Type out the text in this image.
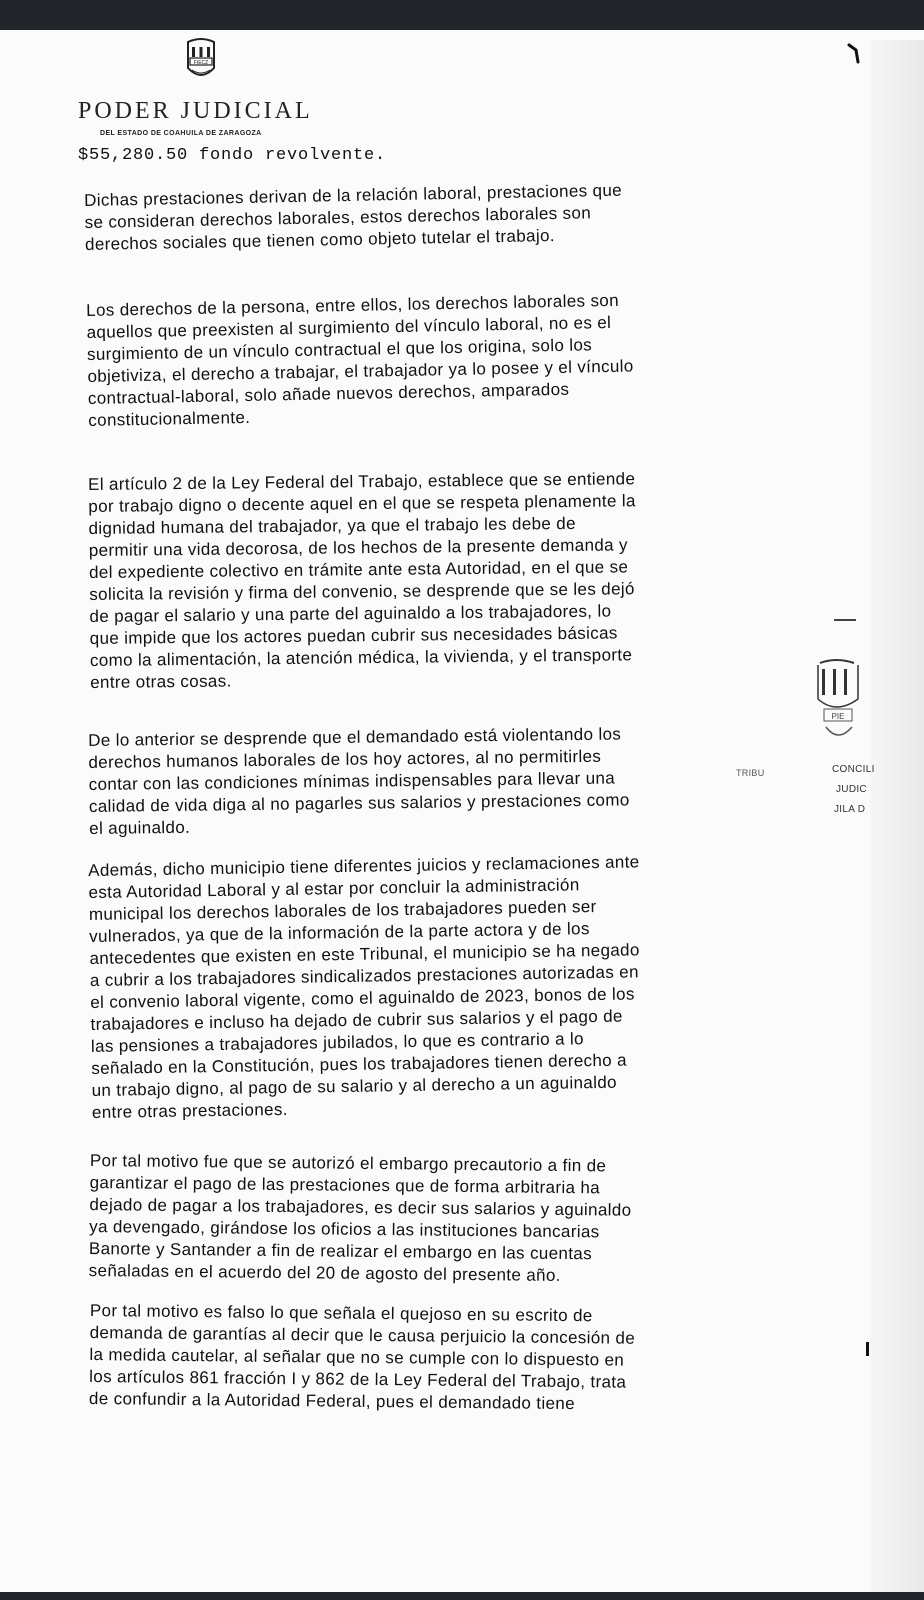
FIECZ
PODER JUDICIAL
DEL ESTADO DE COAHUILA DE ZARAGOZA
$55,280.50 fondo revolvente.
Dichas prestaciones derivan de la relación laboral, prestaciones que
se consideran derechos laborales, estos derechos laborales son
derechos sociales que tienen como objeto tutelar el trabajo.
Los derechos de la persona, entre ellos, los derechos laborales son
aquellos que preexisten al surgimiento del vínculo laboral, no es el
surgimiento de un vínculo contractual el que los origina, solo los
objetiviza, el derecho a trabajar, el trabajador ya lo posee y el vínculo
contractual-laboral, solo añade nuevos derechos, amparados
constitucionalmente.
El artículo 2 de la Ley Federal del Trabajo, establece que se entiende
por trabajo digno o decente aquel en el que se respeta plenamente la
dignidad humana del trabajador, ya que el trabajo les debe de
permitir una vida decorosa, de los hechos de la presente demanda y
del expediente colectivo en trámite ante esta Autoridad, en el que se
solicita la revisión y firma del convenio, se desprende que se les dejó
de pagar el salario y una parte del aguinaldo a los trabajadores, lo
que impide que los actores puedan cubrir sus necesidades básicas
como la alimentación, la atención médica, la vivienda, y el transporte
entre otras cosas.
De lo anterior se desprende que el demandado está violentando los
derechos humanos laborales de los hoy actores, al no permitirles
contar con las condiciones mínimas indispensables para llevar una
calidad de vida diga al no pagarles sus salarios y prestaciones como
el aguinaldo.
PIE
CONCILI
JUDIC
JILA D
TRIBU
Además, dicho municipio tiene diferentes juicios y reclamaciones ante
esta Autoridad Laboral y al estar por concluir la administración
municipal los derechos laborales de los trabajadores pueden ser
vulnerados, ya que de la información de la parte actora y de los
antecedentes que existen en este Tribunal, el municipio se ha negado
a cubrir a los trabajadores sindicalizados prestaciones autorizadas en
el convenio laboral vigente, como el aguinaldo de 2023, bonos de los
trabajadores e incluso ha dejado de cubrir sus salarios y el pago de
las pensiones a trabajadores jubilados, lo que es contrario a lo
señalado en la Constitución, pues los trabajadores tienen derecho a
un trabajo digno, al pago de su salario y al derecho a un aguinaldo
entre otras prestaciones.
Por tal motivo fue que se autorizó el embargo precautorio a fin de
garantizar el pago de las prestaciones que de forma arbitraria ha
dejado de pagar a los trabajadores, es decir sus salarios y aguinaldo
ya devengado, girándose los oficios a las instituciones bancarias
Banorte y Santander a fin de realizar el embargo en las cuentas
señaladas en el acuerdo del 20 de agosto del presente año.
Por tal motivo es falso lo que señala el quejoso en su escrito de
demanda de garantías al decir que le causa perjuicio la concesión de
la medida cautelar, al señalar que no se cumple con lo dispuesto en
los artículos 861 fracción I y 862 de la Ley Federal del Trabajo, trata
de confundir a la Autoridad Federal, pues el demandado tiene
